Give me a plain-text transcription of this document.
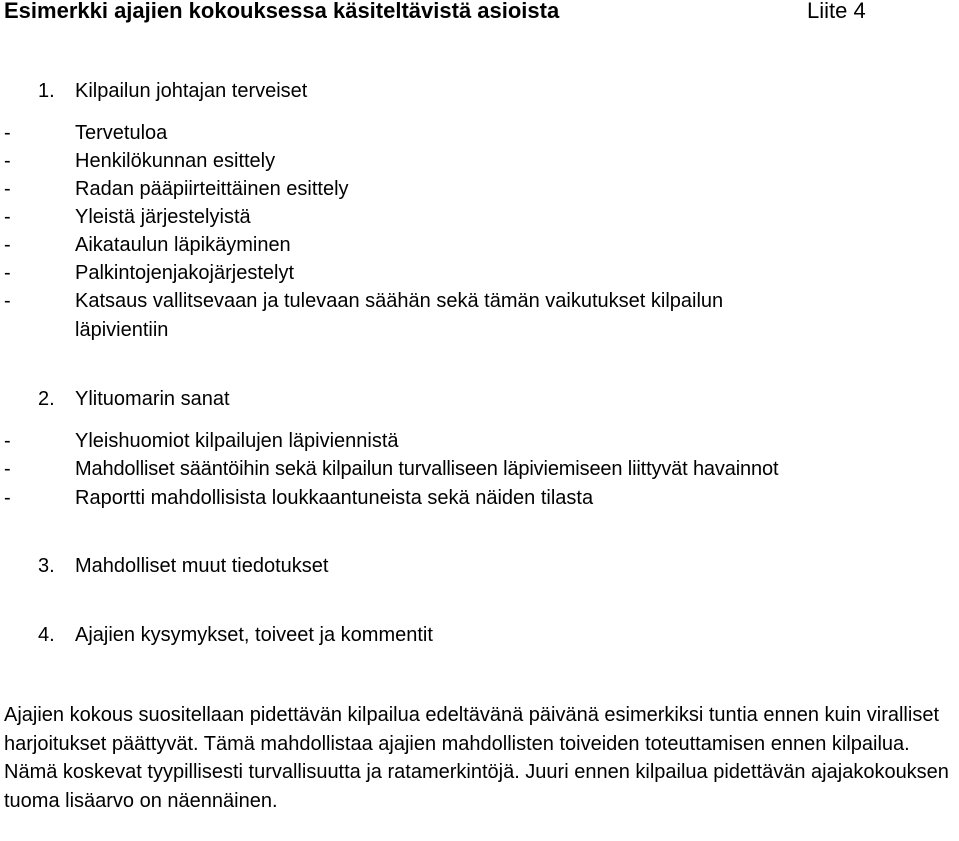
Esimerkki ajajien kokouksessa käsiteltävistä asioista	Liite 4
1. Kilpailun johtajan terveiset
-	Tervetuloa
-	Henkilökunnan esittely
-	Radan pääpiirteittäinen esittely
-	Yleistä järjestelyistä
-	Aikataulun läpikäyminen
-	Palkintojenjakojärjestelyt
-	Katsaus vallitsevaan ja tulevaan säähän sekä tämän vaikutukset kilpailun
läpivientiin
2. Ylituomarin sanat
-	Yleishuomiot kilpailujen läpiviennistä
-	Mahdolliset sääntöihin sekä kilpailun turvalliseen läpiviemiseen liittyvät havainnot
-	Raportti mahdollisista loukkaantuneista sekä näiden tilasta
3. Mahdolliset muut tiedotukset
4. Ajajien kysymykset, toiveet ja kommentit
Ajajien kokous suositellaan pidettävän kilpailua edeltävänä päivänä esimerkiksi tuntia ennen kuin viralliset harjoitukset päättyvät. Tämä mahdollistaa ajajien mahdollisten toiveiden toteuttamisen ennen kilpailua. Nämä koskevat tyypillisesti turvallisuutta ja ratamerkintöjä. Juuri ennen kilpailua pidettävän ajajakokouksen tuoma lisäarvo on näennäinen.
